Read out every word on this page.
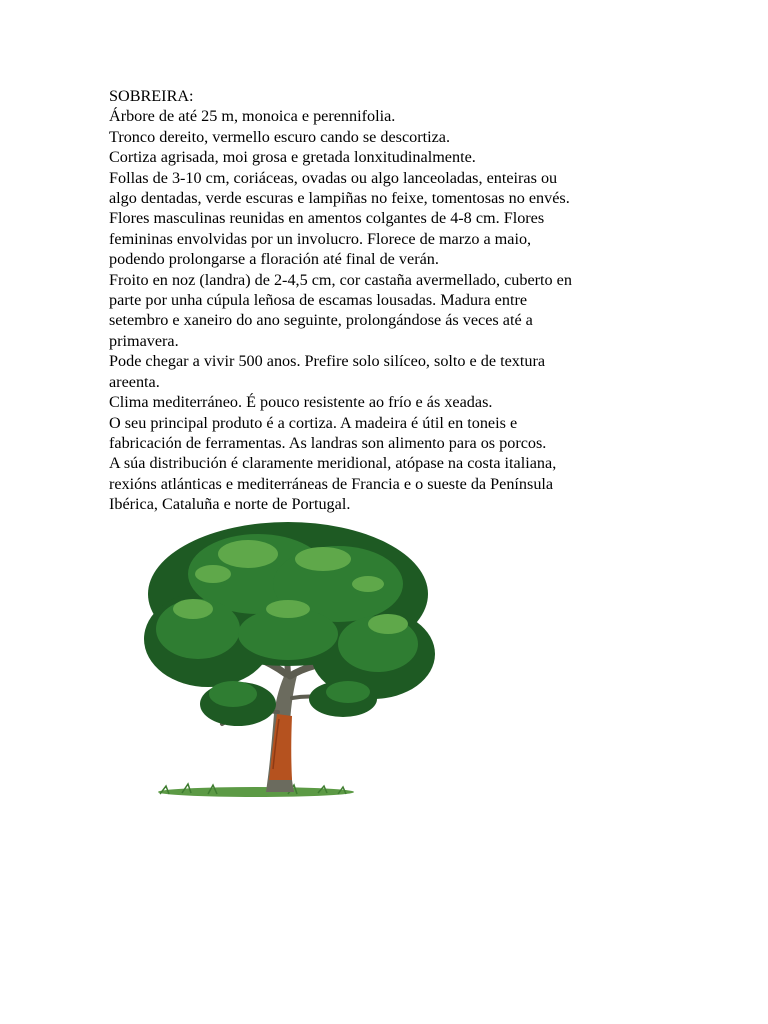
SOBREIRA:
Árbore de até 25 m, monoica e perennifolia.
Tronco dereito, vermello escuro cando se descortiza.
Cortiza agrisada, moi grosa e gretada lonxitudinalmente.
Follas de 3-10 cm, coriáceas, ovadas ou algo lanceoladas, enteiras ou
algo dentadas, verde escuras e lampiñas no feixe, tomentosas no envés.
Flores masculinas reunidas en amentos colgantes de 4-8 cm. Flores
femininas envolvidas por un involucro. Florece de marzo a maio,
podendo prolongarse a floración até final de verán.
Froito en noz (landra) de 2-4,5 cm, cor castaña avermellado, cuberto en
parte por unha cúpula leñosa de escamas lousadas. Madura entre
setembro e xaneiro do ano seguinte, prolongándose ás veces até a
primavera.
Pode chegar a vivir 500 anos. Prefire solo silíceo, solto e de textura
areenta.
Clima mediterráneo. É pouco resistente ao frío e ás xeadas.
O seu principal produto é a cortiza. A madeira é útil en toneis e
fabricación de ferramentas. As landras son alimento para os porcos.
A súa distribución é claramente meridional, atópase na costa italiana,
rexións atlánticas e mediterráneas de Francia e o sueste da Península
Ibérica, Cataluña e norte de Portugal.
